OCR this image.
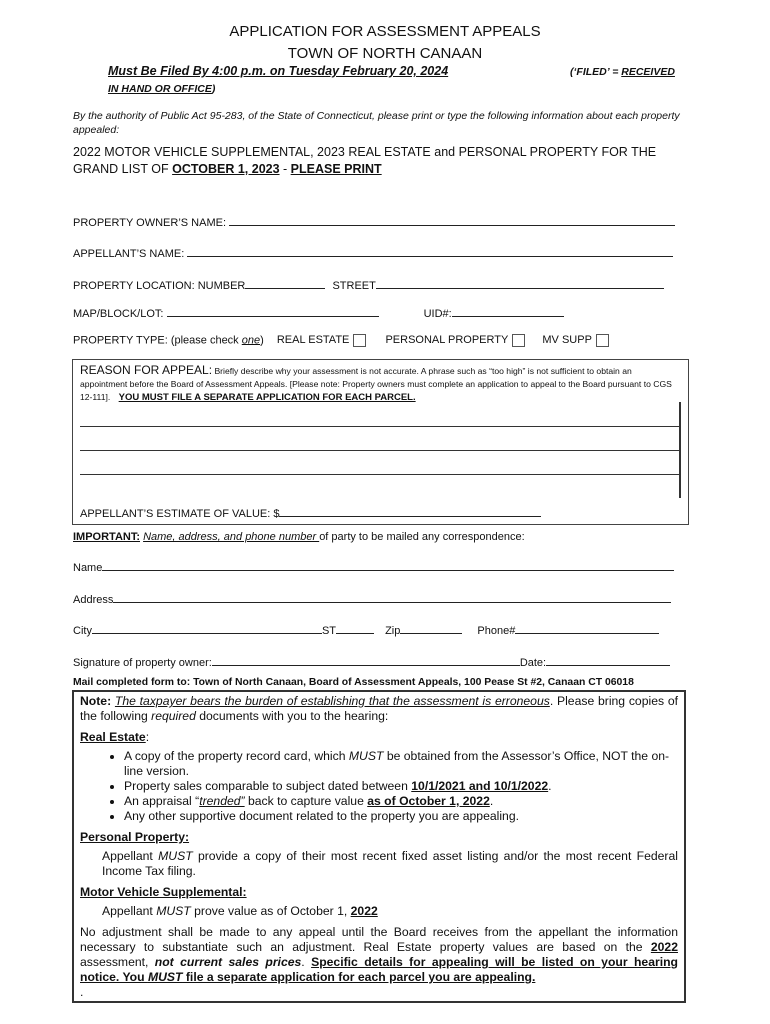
APPLICATION FOR ASSESSMENT APPEALS
TOWN OF NORTH CANAAN
Must Be Filed By 4:00 p.m. on Tuesday February 20, 2024	(‘FILED’ = RECEIVED
IN HAND OR OFFICE)
By the authority of Public Act 95-283, of the State of Connecticut, please print or type the following information about each property appealed:
2022 MOTOR VEHICLE SUPPLEMENTAL, 2023 REAL ESTATE and PERSONAL PROPERTY FOR THE GRAND LIST OF OCTOBER 1, 2023 - PLEASE PRINT
PROPERTY OWNER’S NAME:
APPELLANT’S NAME:
PROPERTY LOCATION: NUMBER	STREET
MAP/BLOCK/LOT:	UID#:
PROPERTY TYPE: (please check one) REAL ESTATE	PERSONAL PROPERTY	MV SUPP
REASON FOR APPEAL: Briefly describe why your assessment is not accurate. A phrase such as “too high” is not sufficient to obtain an appointment before the Board of Assessment Appeals. [Please note: Property owners must complete an application to appeal to the Board pursuant to CGS 12-111]. YOU MUST FILE A SEPARATE APPLICATION FOR EACH PARCEL.
APPELLANT’S ESTIMATE OF VALUE: $
IMPORTANT: Name, address, and phone number of party to be mailed any correspondence:
Name
Address
City	ST	Zip	Phone#
Signature of property owner:	Date:
Mail completed form to: Town of North Canaan, Board of Assessment Appeals, 100 Pease St #2, Canaan CT 06018

Note: The taxpayer bears the burden of establishing that the assessment is erroneous. Please bring copies of the following required documents with you to the hearing:

Real Estate:

• A copy of the property record card, which MUST be obtained from the Assessor’s Office, NOT the on-line version.
• Property sales comparable to subject dated between 10/1/2021 and 10/1/2022.
• An appraisal “trended” back to capture value as of October 1, 2022.
• Any other supportive document related to the property you are appealing.

Personal Property:

Appellant MUST provide a copy of their most recent fixed asset listing and/or the most recent Federal Income Tax filing.

Motor Vehicle Supplemental:

Appellant MUST prove value as of October 1, 2022

No adjustment shall be made to any appeal until the Board receives from the appellant the information necessary to substantiate such an adjustment. Real Estate property values are based on the 2022 assessment, not current sales prices. Specific details for appealing will be listed on your hearing notice. You MUST file a separate application for each parcel you are appealing.

.
